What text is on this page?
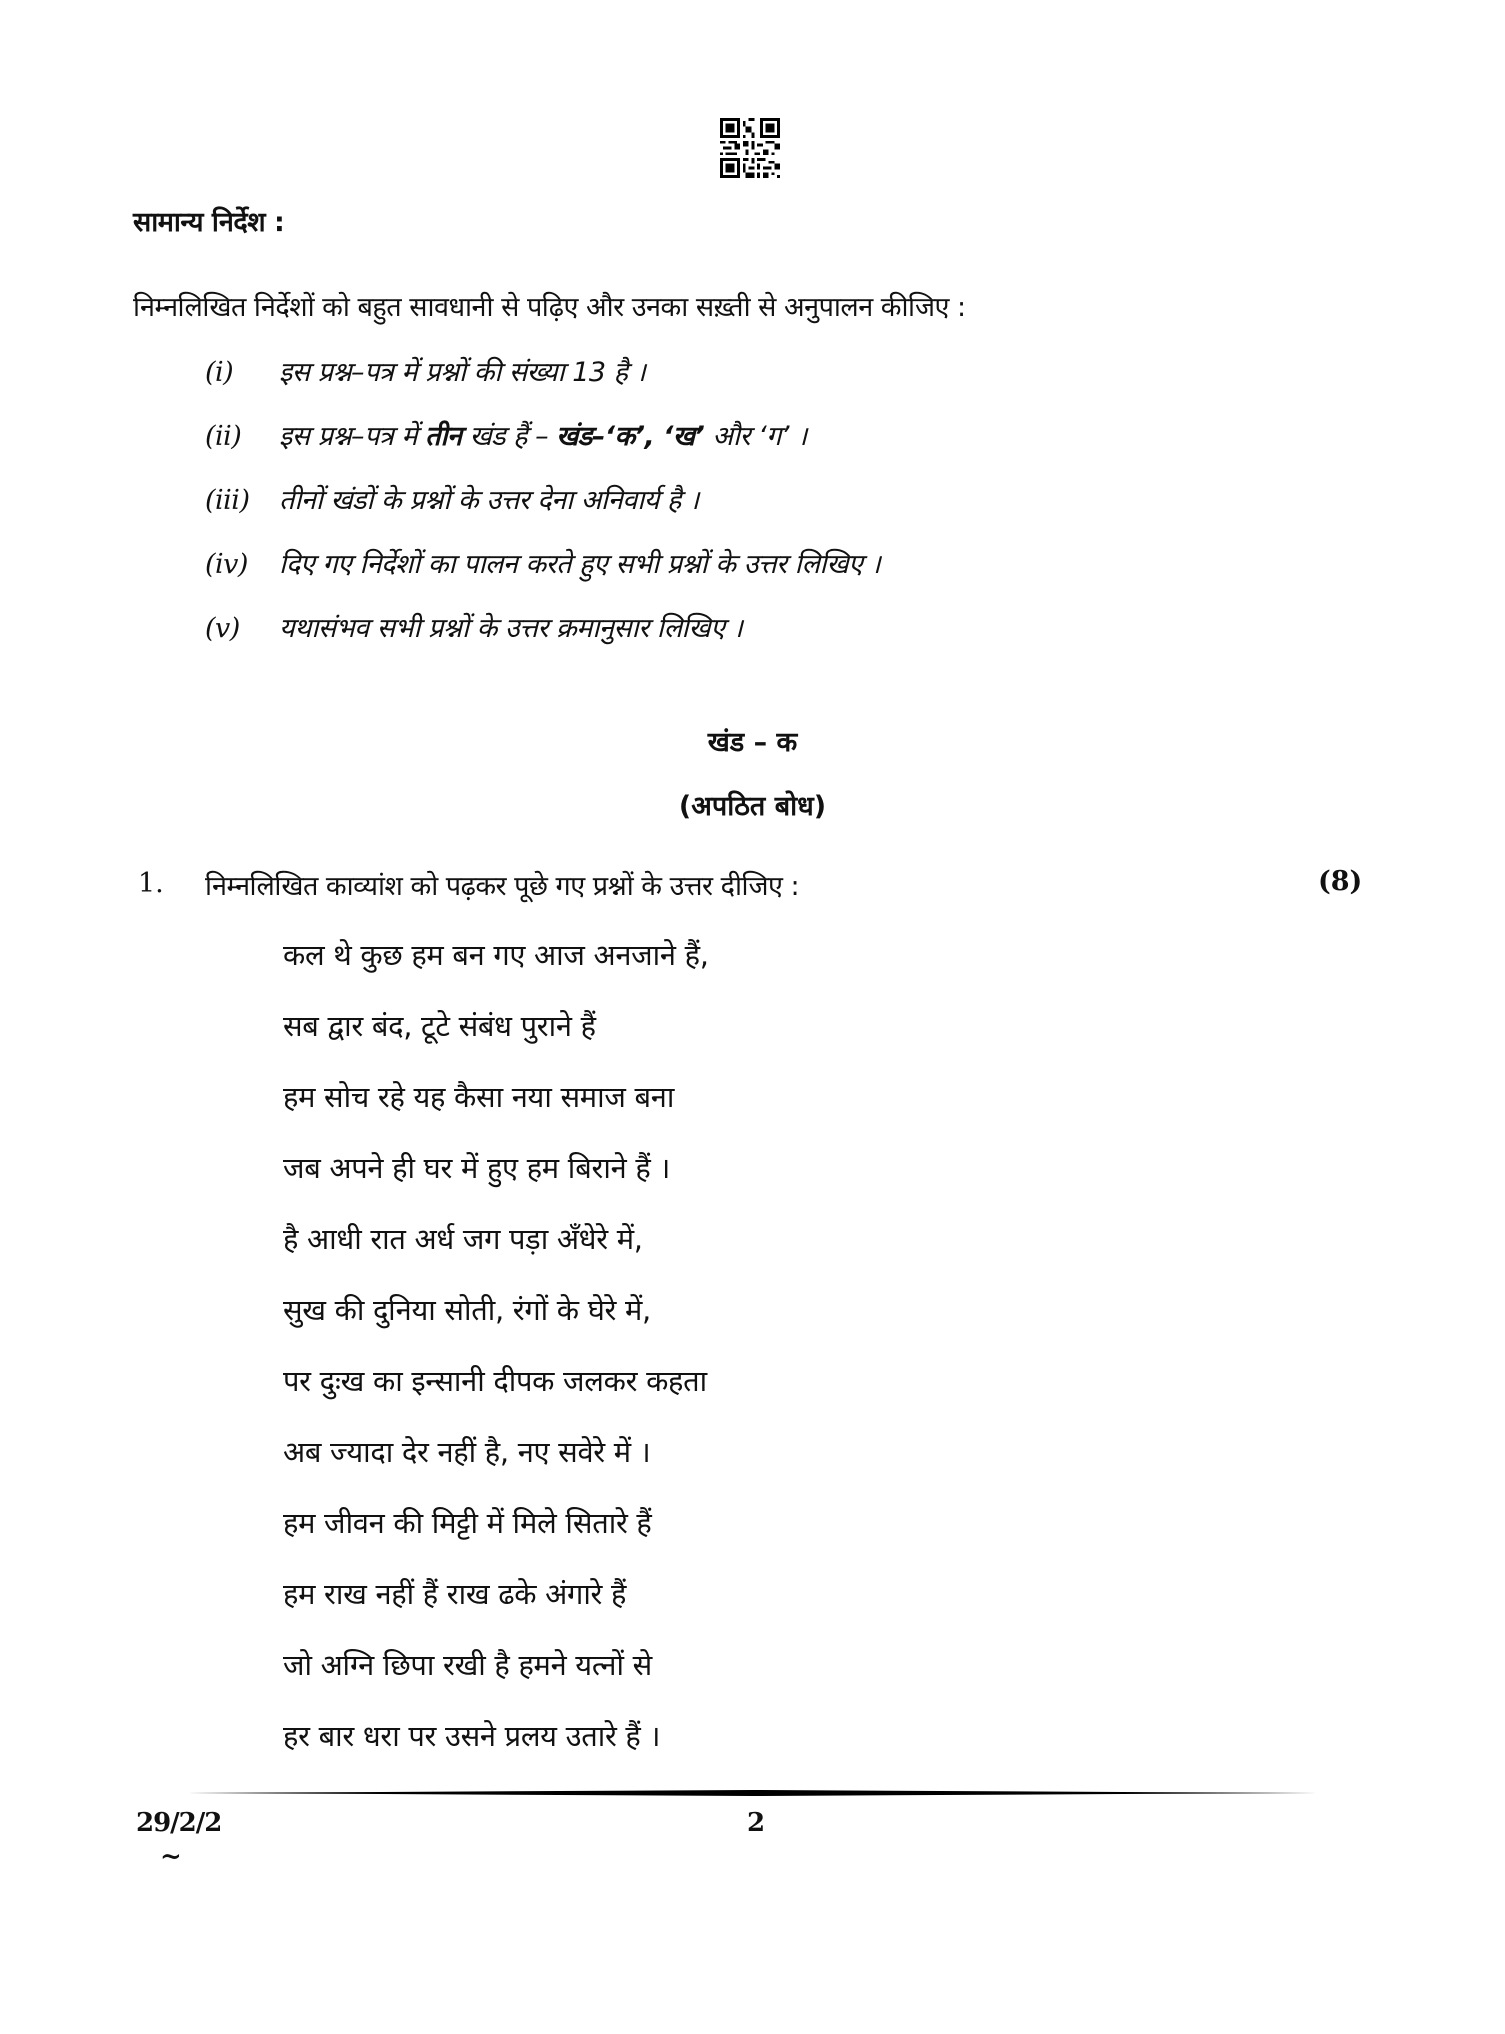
सामान्य निर्देश :
निम्नलिखित निर्देशों को बहुत सावधानी से पढ़िए और उनका सख़्ती से अनुपालन कीजिए :
(i) इस प्रश्न–पत्र में प्रश्नों की संख्या 13 है ।
(ii) इस प्रश्न–पत्र में तीन खंड हैं – खंड–‘क’, ‘ख’ और ‘ग’ ।
(iii) तीनों खंडों के प्रश्नों के उत्तर देना अनिवार्य है ।
(iv) दिए गए निर्देशों का पालन करते हुए सभी प्रश्नों के उत्तर लिखिए ।
(v) यथासंभव सभी प्रश्नों के उत्तर क्रमानुसार लिखिए ।
खंड – क
(अपठित बोध)
1. निम्नलिखित काव्यांश को पढ़कर पूछे गए प्रश्नों के उत्तर दीजिए :	(8)
कल थे कुछ हम बन गए आज अनजाने हैं,
सब द्वार बंद, टूटे संबंध पुराने हैं
हम सोच रहे यह कैसा नया समाज बना
जब अपने ही घर में हुए हम बिराने हैं ।
है आधी रात अर्ध जग पड़ा अँधेरे में,
सुख की दुनिया सोती, रंगों के घेरे में,
पर दुःख का इन्सानी दीपक जलकर कहता
अब ज्यादा देर नहीं है, नए सवेरे में ।
हम जीवन की मिट्टी में मिले सितारे हैं
हम राख नहीं हैं राख ढके अंगारे हैं
जो अग्नि छिपा रखी है हमने यत्नों से
हर बार धरा पर उसने प्रलय उतारे हैं ।
29/2/2	2
~
